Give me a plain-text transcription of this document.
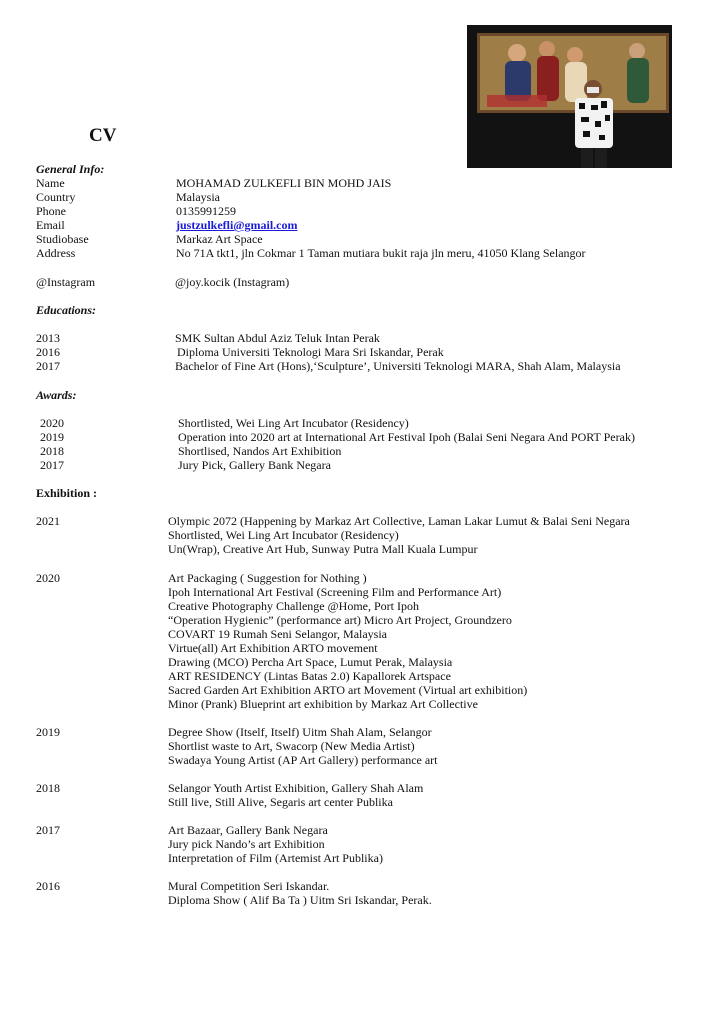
CV
General Info:
Name	MOHAMAD ZULKEFLI BIN MOHD JAIS
Country	Malaysia
Phone	0135991259
Email	justzulkefli@gmail.com
Studiobase	Markaz Art Space
Address	No 71A tkt1, jln Cokmar 1 Taman mutiara bukit raja jln meru, 41050 Klang Selangor
@Instagram	@joy.kocik (Instagram)
Educations:
2013	SMK Sultan Abdul Aziz Teluk Intan Perak
2016	Diploma Universiti Teknologi Mara Sri Iskandar, Perak
2017	Bachelor of Fine Art (Hons),‘Sculpture’, Universiti Teknologi MARA, Shah Alam, Malaysia
Awards:
2020	Shortlisted, Wei Ling Art Incubator (Residency)
2019	Operation into 2020 art at International Art Festival Ipoh (Balai Seni Negara And PORT Perak)
2018	Shortlised, Nandos Art Exhibition
2017	Jury Pick, Gallery Bank Negara
Exhibition :
2021	Olympic 2072 (Happening by Markaz Art Collective, Laman Lakar Lumut & Balai Seni Negara
Shortlisted, Wei Ling Art Incubator (Residency)
Un(Wrap), Creative Art Hub, Sunway Putra Mall Kuala Lumpur
2020	Art Packaging ( Suggestion for Nothing )
Ipoh International Art Festival (Screening Film and Performance Art)
Creative Photography Challenge @Home, Port Ipoh
“Operation Hygienic” (performance art) Micro Art Project, Groundzero
COVART 19 Rumah Seni Selangor, Malaysia
Virtue(all) Art Exhibition ARTO movement
Drawing (MCO) Percha Art Space, Lumut Perak, Malaysia
ART RESIDENCY (Lintas Batas 2.0) Kapallorek Artspace
Sacred Garden Art Exhibition ARTO art Movement (Virtual art exhibition)
Minor (Prank) Blueprint art exhibition by Markaz Art Collective
2019	Degree Show (Itself, Itself) Uitm Shah Alam, Selangor
Shortlist waste to Art, Swacorp (New Media Artist)
Swadaya Young Artist (AP Art Gallery) performance art
2018	Selangor Youth Artist Exhibition, Gallery Shah Alam
Still live, Still Alive, Segaris art center Publika
2017	Art Bazaar, Gallery Bank Negara
Jury pick Nando’s art Exhibition
Interpretation of Film (Artemist Art Publika)
2016	Mural Competition Seri Iskandar.
Diploma Show ( Alif Ba Ta ) Uitm Sri Iskandar, Perak.
